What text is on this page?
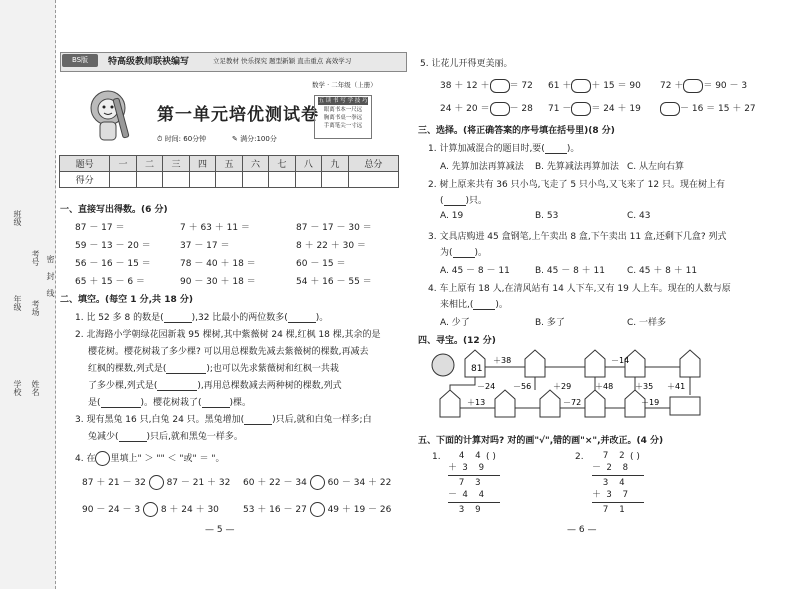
班级
考号
年级 考场
学校 姓名
密
封
线
BS版	特高级教师联袂编写	立足教材 快乐探究 题型新颖 直击重点 高效学习
第一单元培优测试卷
数学 · 二年级（上册）
五 读 书 写 学 技 巧
眼离书本一尺远
胸离书桌一拳远
手离笔尖一寸远
⏱ 时间: 60分钟	✎ 满分:100分
题号	一	二	三	四	五	六	七	八	九	总分
得分										
一、直接写出得数。(6 分)
87 － 17 ＝	7 ＋ 63 ＋ 11 ＝	87 － 17 － 30 ＝
59 － 13 － 20 ＝	37 － 17 ＝	8 ＋ 22 ＋ 30 ＝
56 － 16 － 15 ＝	78 － 40 ＋ 18 ＝	60 － 15 ＝
65 ＋ 15 － 6 ＝	90 － 30 ＋ 18 ＝	54 ＋ 16 － 55 ＝
二、填空。(每空 1 分,共 18 分)
1. 比 52 多 8 的数是(	),32 比最小的两位数多(	)。
2. 北海路小学朝绿花园新栽 95 棵树,其中紫薇树 24 棵,红枫 18 棵,其余的是
樱花树。樱花树栽了多少棵? 可以用总棵数先减去紫薇树的棵数,再减去
红枫的棵数,列式是(	);也可以先求紫薇树和红枫一共栽
了多少棵,列式是(	),再用总棵数减去两种树的棵数,列式
是(	)。樱花树栽了(	)棵。
3. 现有黑兔 16 只,白兔 24 只。黑兔增加(	)只后,就和白兔一样多;白
兔减少(	)只后,就和黑兔一样多。
4. 在 里填上" ＞ "" ＜ "或" ＝ "。
87 ＋ 21 － 32 87 － 21 ＋ 32 60 ＋ 22 － 34 60 － 34 ＋ 22
90 － 24 － 3 8 ＋ 24 ＋ 30	53 ＋ 16 － 27 49 ＋ 19 － 26
— 5 —
5. 让花儿开得更美丽。
38 ＋ 12 ＋ ＝ 72 61 ＋ ＋ 15 ＝ 90 72 ＋ ＝ 90 － 3
24 ＋ 20 ＝ － 28 71 － ＝ 24 ＋ 19	－ 16 ＝ 15 ＋ 27
三、选择。(将正确答案的序号填在括号里)(8 分)
1. 计算加减混合的题目时,要( )。
A. 先算加法再算减法 B. 先算减法再算加法 C. 从左向右算
2. 树上原来共有 36 只小鸟,飞走了 5 只小鸟,又飞来了 12 只。现在树上有
( )只。
A. 19	B. 53	C. 43
3. 文具店购进 45 盒钢笔,上午卖出 8 盒,下午卖出 11 盒,还剩下几盒? 列式
为( )。
A. 45 － 8 － 11	B. 45 － 8 ＋ 11 C. 45 ＋ 8 ＋ 11
4. 车上原有 18 人,在清风站有 14 人下车,又有 19 人上车。现在的人数与原
来相比,( )。
A. 少了	B. 多了	C. 一样多
四、寻宝。(12 分)
81
＋38	－14
－24 －56	＋29	＋48	＋35 ＋41
＋13	－72	－19
五、下面的计算对吗? 对的画"√",错的画"×",并改正。(4 分)
1. 4  4
＋ 3  9
7  3
－ 4  4
3  9
( )	2. 7  2
－ 2  8
3  4
＋ 3  7
7  1
( )
— 6 —
